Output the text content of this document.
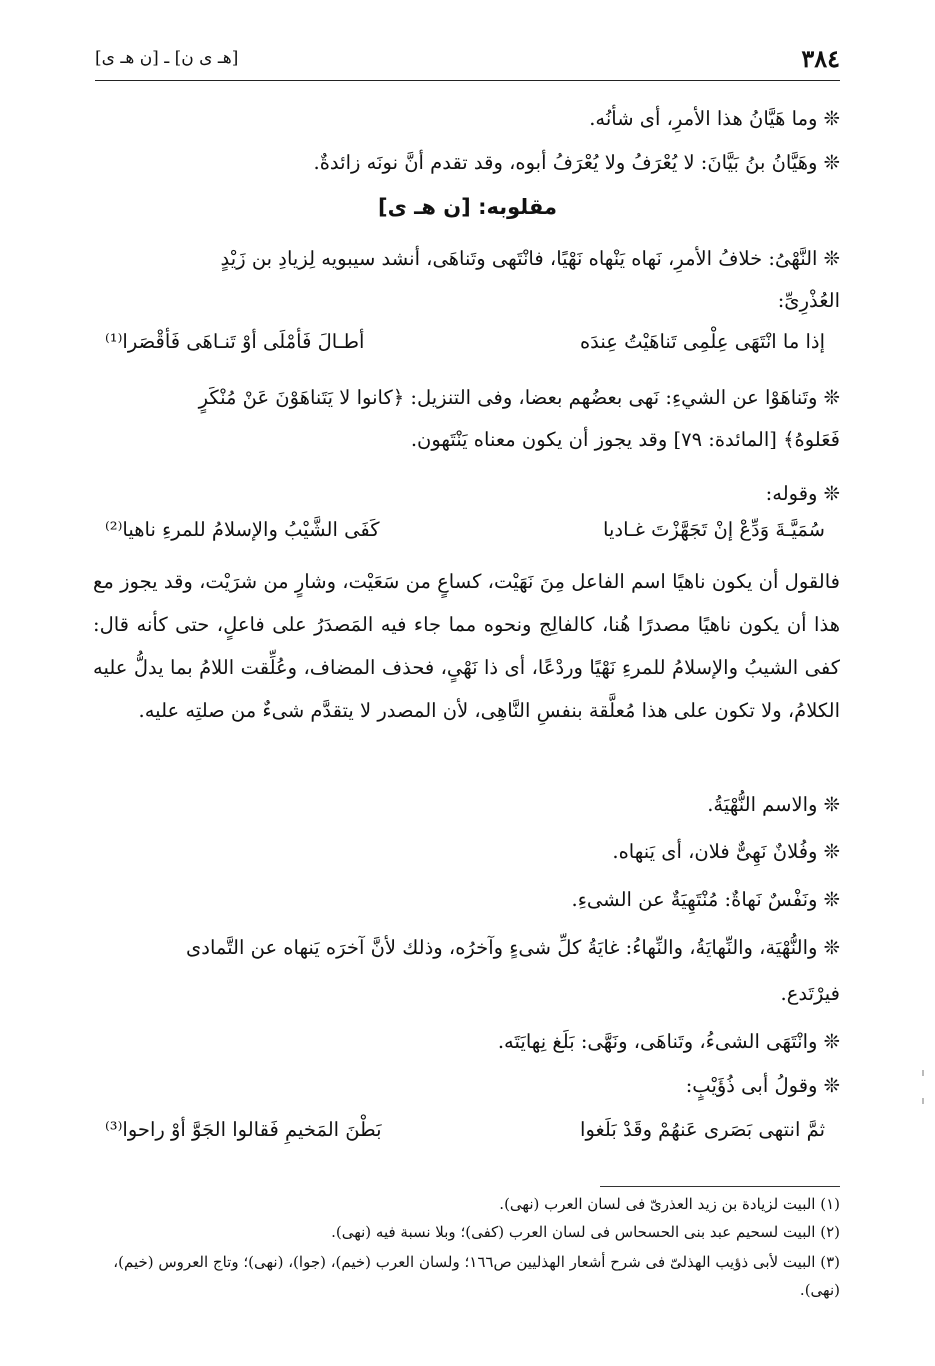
٣٨٤
[هـ ى ن] ـ [ن هـ ى]
❊ وما هَيَّانُ هذا الأمرِ، أى شأنُه.
❊ وهَيَّانُ بنُ بَيَّانَ: لا يُعْرَفُ ولا يُعْرَفُ أبوه، وقد تقدم أنَّ نونَه زائدةٌ.
مقلوبه: [ن هـ ى]
❊ النَّهْىُ: خلافُ الأمرِ، نَهاه يَنْهاه نَهْيًا، فانْتَهى وتَناهَى، أنشد سيبويه لِزيادِ بن زَيْدٍ
العُذْرِىِّ:
إذا ما انْتَهَى عِلْمِى تَناهَيْتُ عِندَه
أطـالَ فَأمْلَى أوْ تَنـاهَى فَأقْصَرا⁽¹⁾
❊ وتَناهَوْا عن الشيءِ: نَهى بعضُهم بعضا، وفى التنزيل: ﴿كانوا لا يَتَناهَوْنَ عَنْ مُنْكَرٍ
فَعَلوهُ﴾ [المائدة: ٧٩] وقد يجوز أن يكون معناه يَنْتَهون.
❊ وقوله:
سُمَيَّـةَ وَدِّعْ إنْ تَجَهَّزْتَ غـاديا
كَفَى الشَّيْبُ والإسلامُ للمرءِ ناهيا⁽²⁾
فالقول أن يكون ناهيًا اسم الفاعل مِنَ نَهَيْت، كساعٍ من سَعَيْت، وشارٍ من شرَيْت، وقد يجوز مع هذا أن يكون ناهيًا مصدرًا هُنا، كالفالِج ونحوه مما جاء فيه المَصدَرُ على فاعلٍ، حتى كأنه قال: كفى الشيبُ والإسلامُ للمرءِ نَهْيًا وردْعًا، أى ذا نَهْىٍ، فحذف المضاف، وعُلِّقت اللامُ بما يدلُّ عليه الكلامُ، ولا تكون على هذا مُعلَّقة بنفسِ النَّاهِى، لأن المصدر لا يتقدَّم شىءٌ من صلتِه عليه.
❊ والاسم النُّهْيَةُ.
❊ وفُلانٌ نَهِىٌّ فلان، أى يَنهاه.
❊ ونَفْسٌ نَهاةٌ: مُنْتَهِيَةٌ عن الشىءِ.
❊ والنُّهْيَة، والنِّهايَةُ، والنِّهاءُ: غايَةُ كلِّ شىءٍ وآخرُه، وذلك لأنَّ آخرَه يَنهاه عن التَّمادى
فيرْتَدع.
❊ وانْتَهَى الشىءُ، وتَناهَى، ونَهَّى: بَلَغ نِهايَتَه.
❊ وقولُ أبى ذُؤَيْبٍ:
ثمَّ انتهى بَصَرى عَنهُمْ وقَدْ بَلَغوا
بَطْنَ المَخيمِ فَقالوا الجَوَّ أوْ راحوا⁽³⁾
(١) البيت لزيادة بن زيد العذرىّ فى لسان العرب (نهى).
(٢) البيت لسحيم عبد بنى الحسحاس فى لسان العرب (كفى)؛ وبلا نسبة فيه (نهى).
(٣) البيت لأبى ذؤيب الهذلىّ فى شرح أشعار الهذليين ص١٦٦؛ ولسان العرب (خيم)، (جوا)، (نهى)؛ وتاج العروس (خيم)، (نهى).
